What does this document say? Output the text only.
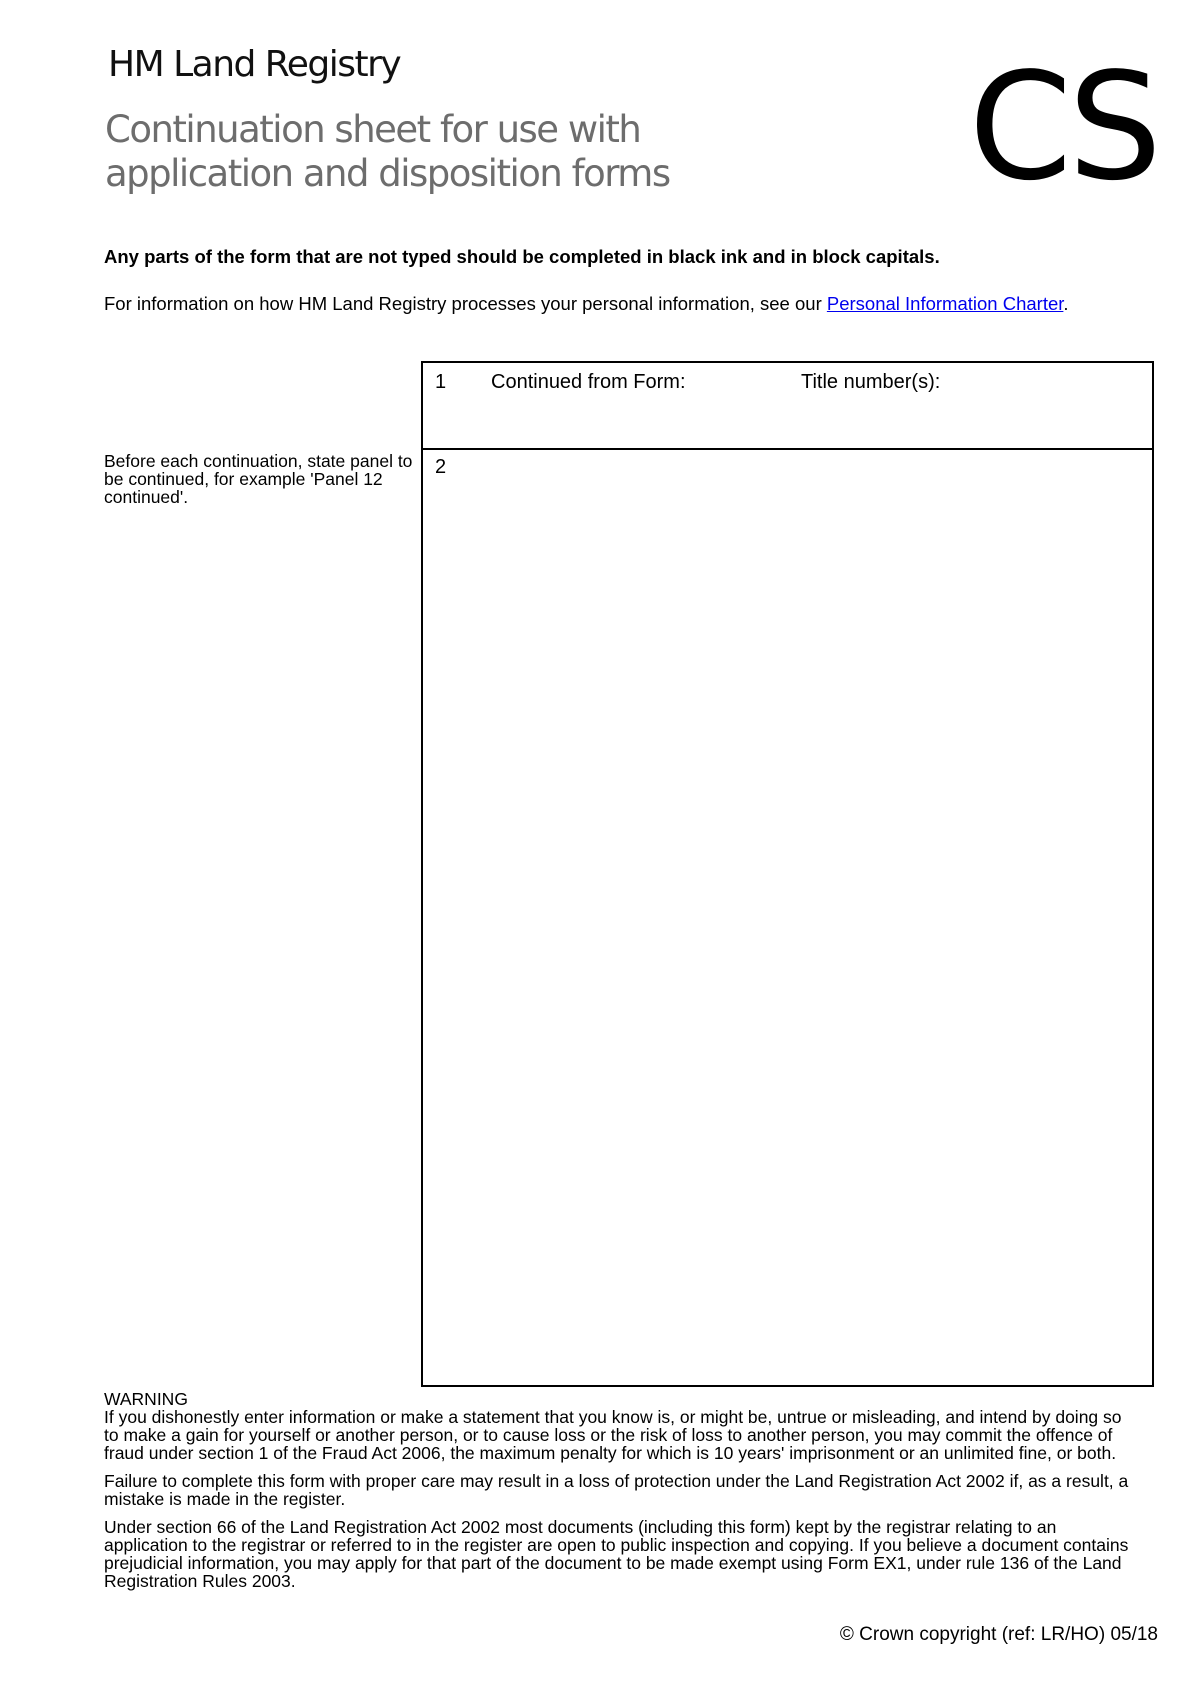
HM Land Registry
Continuation sheet for use with
application and disposition forms CS

Any parts of the form that are not typed should be completed in black ink and in block capitals.

For information on how HM Land Registry processes your personal information, see our Personal Information Charter.

Before each continuation, state panel to be continued, for example 'Panel 12 continued'.

1 Continued from Form:	Title number(s):
2
WARNING

If you dishonestly enter information or make a statement that you know is, or might be, untrue or misleading, and intend by doing so to make a gain for yourself or another person, or to cause loss or the risk of loss to another person, you may commit the offence of fraud under section 1 of the Fraud Act 2006, the maximum penalty for which is 10 years' imprisonment or an unlimited fine, or both.

Failure to complete this form with proper care may result in a loss of protection under the Land Registration Act 2002 if, as a result, a mistake is made in the register.

Under section 66 of the Land Registration Act 2002 most documents (including this form) kept by the registrar relating to an application to the registrar or referred to in the register are open to public inspection and copying. If you believe a document contains prejudicial information, you may apply for that part of the document to be made exempt using Form EX1, under rule 136 of the Land Registration Rules 2003.

© Crown copyright (ref: LR/HO) 05/18
